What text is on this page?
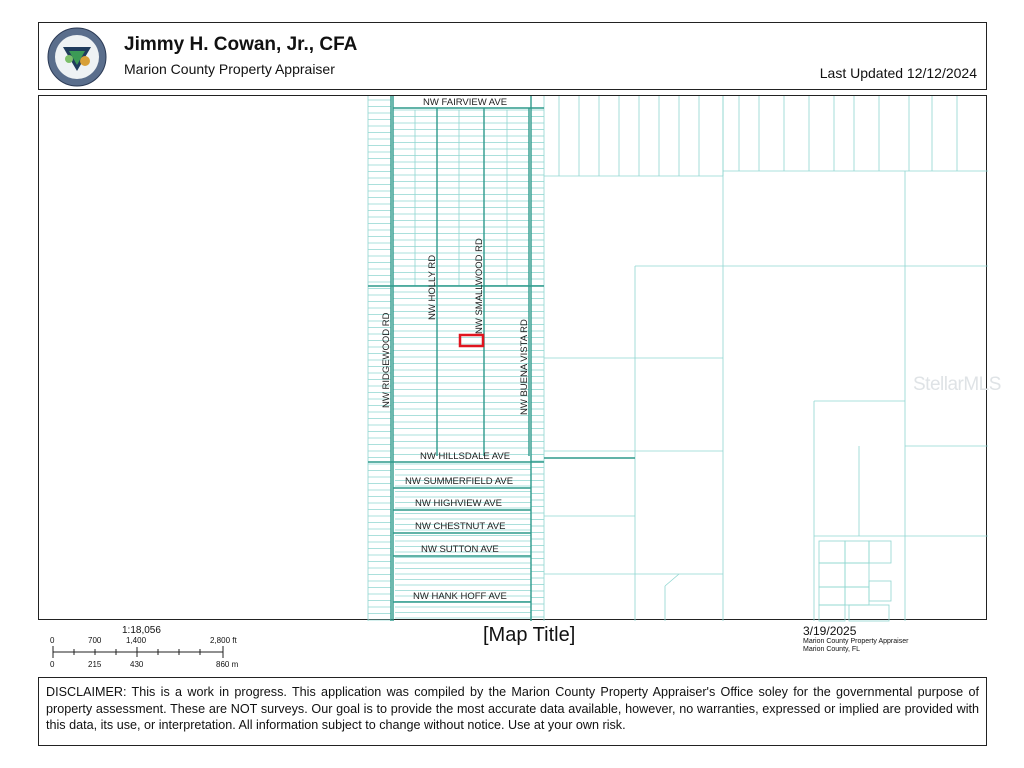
Jimmy H. Cowan, Jr., CFA
Marion County Property Appraiser	Last Updated 12/12/2024
NW FAIRVIEW AVE
NW HOLLY RD	NW SMALLWOOD RD
NW RIDGEWOOD RD	NW BUENA VISTA RD
NW HILLSDALE AVE
NW SUMMERFIELD AVE
NW HIGHVIEW AVE
NW CHESTNUT AVE
NW SUTTON AVE
NW HANK HOFF AVE
StellarMLS
1:18,056
0	700	1,400	2,800 ft
0	215	430	860 m
[Map Title]	3/19/2025
Marion County Property Appraiser
Marion County, FL
DISCLAIMER: This is a work in progress. This application was compiled by the Marion County Property Appraiser's Office soley for the governmental purpose of property assessment. These are NOT surveys. Our goal is to provide the most accurate data available, however, no warranties, expressed or implied are provided with this data, its use, or interpretation. All information subject to change without notice. Use at your own risk.
